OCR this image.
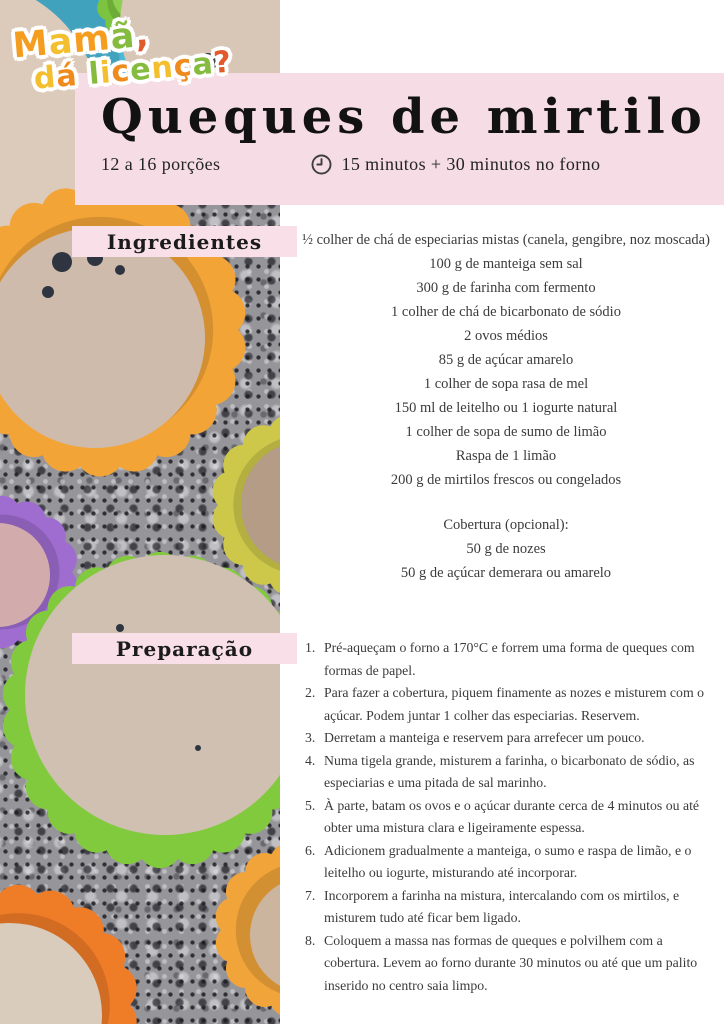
Mamã,
dá licença?
Queques de mirtilo
12 a 16 porções	15 minutos + 30 minutos no forno
Ingredientes	½ colher de chá de especiarias mistas (canela, gengibre, noz moscada)
100 g de manteiga sem sal
300 g de farinha com fermento
1 colher de chá de bicarbonato de sódio
2 ovos médios
85 g de açúcar amarelo
1 colher de sopa rasa de mel
150 ml de leitelho ou 1 iogurte natural
1 colher de sopa de sumo de limão
Raspa de 1 limão
200 g de mirtilos frescos ou congelados
Cobertura (opcional):
50 g de nozes
50 g de açúcar demerara ou amarelo
Preparação	1. Pré-aqueçam o forno a 170°C e forrem uma forma de queques com formas de papel.
2. Para fazer a cobertura, piquem finamente as nozes e misturem com o açúcar. Podem juntar 1 colher das especiarias. Reservem.
3. Derretam a manteiga e reservem para arrefecer um pouco.
4. Numa tigela grande, misturem a farinha, o bicarbonato de sódio, as especiarias e uma pitada de sal marinho.
5. À parte, batam os ovos e o açúcar durante cerca de 4 minutos ou até obter uma mistura clara e ligeiramente espessa.
6. Adicionem gradualmente a manteiga, o sumo e raspa de limão, e o leitelho ou iogurte, misturando até incorporar.
7. Incorporem a farinha na mistura, intercalando com os mirtilos, e misturem tudo até ficar bem ligado.
8. Coloquem a massa nas formas de queques e polvilhem com a cobertura. Levem ao forno durante 30 minutos ou até que um palito inserido no centro saia limpo.
